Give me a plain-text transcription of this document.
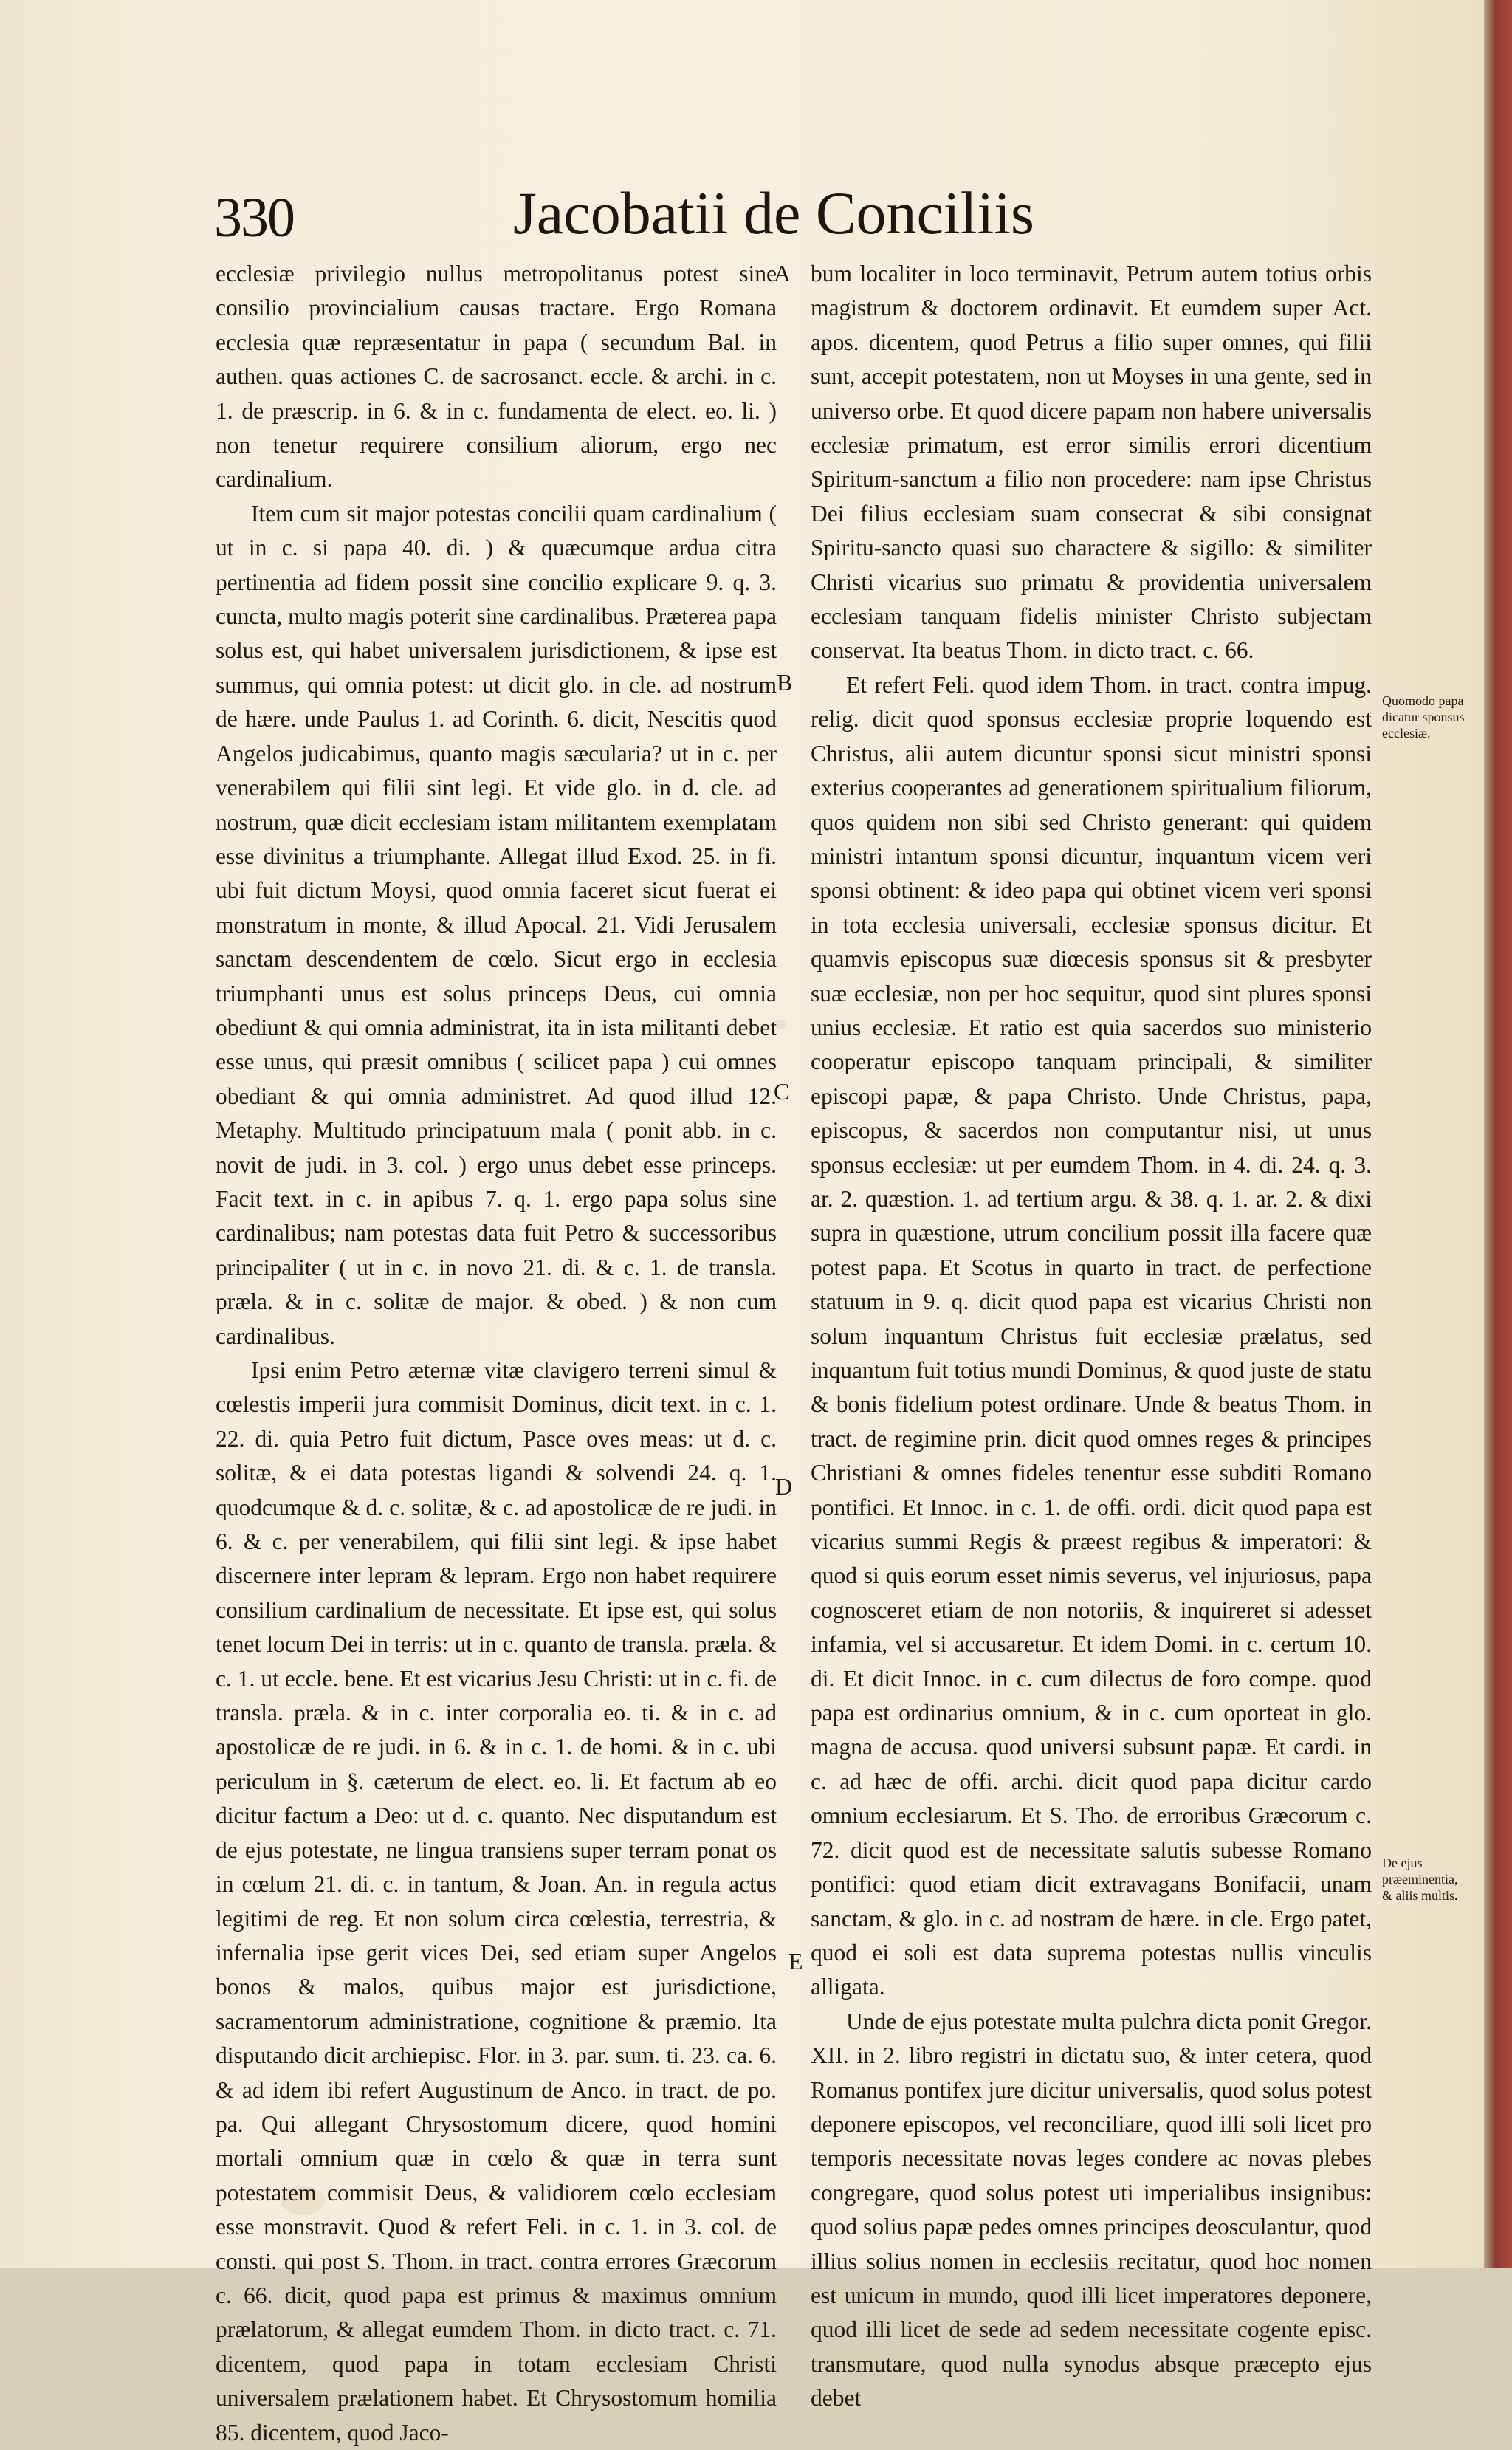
330	Jacobatii de Conciliis

ecclesiæ privilegio nullus metropolitanus potest sine consilio provincialium causas tractare. Ergo Romana ecclesia quæ repræsentatur in papa ( secundum Bal. in authen. quas actiones C. de sacrosanct. eccle. & archi. in c. 1. de præscrip. in 6. & in c. fundamenta de elect. eo. li. ) non tenetur requirere consilium aliorum, ergo nec cardinalium.

Item cum sit major potestas concilii quam cardinalium ( ut in c. si papa 40. di. ) & quæcumque ardua citra pertinentia ad fidem possit sine concilio explicare 9. q. 3. cuncta, multo magis poterit sine cardinalibus. Præterea papa solus est, qui habet universalem jurisdictionem, & ipse est summus, qui omnia potest: ut dicit glo. in cle. ad nostrum de hære. unde Paulus 1. ad Corinth. 6. dicit, Nescitis quod Angelos judicabimus, quanto magis sæcularia? ut in c. per venerabilem qui filii sint legi. Et vide glo. in d. cle. ad nostrum, quæ dicit ecclesiam istam militantem exemplatam esse divinitus a triumphante. Allegat illud Exod. 25. in fi. ubi fuit dictum Moysi, quod omnia faceret sicut fuerat ei monstratum in monte, & illud Apocal. 21. Vidi Jerusalem sanctam descendentem de cœlo. Sicut ergo in ecclesia triumphanti unus est solus princeps Deus, cui omnia obediunt & qui omnia administrat, ita in ista militanti debet esse unus, qui præsit omnibus ( scilicet papa ) cui omnes obediant & qui omnia administret. Ad quod illud 12. Metaphy. Multitudo principatuum mala ( ponit abb. in c. novit de judi. in 3. col. ) ergo unus debet esse princeps. Facit text. in c. in apibus 7. q. 1. ergo papa solus sine cardinalibus; nam potestas data fuit Petro & successoribus principaliter ( ut in c. in novo 21. di. & c. 1. de transla. præla. & in c. solitæ de major. & obed. ) & non cum cardinalibus.

Ipsi enim Petro æternæ vitæ clavigero terreni simul & cœlestis imperii jura commisit Dominus, dicit text. in c. 1. 22. di. quia Petro fuit dictum, Pasce oves meas: ut d. c. solitæ, & ei data potestas ligandi & solvendi 24. q. 1. quodcumque & d. c. solitæ, & c. ad apostolicæ de re judi. in 6. & c. per venerabilem, qui filii sint legi. & ipse habet discernere inter lepram & lepram. Ergo non habet requirere consilium cardinalium de necessitate. Et ipse est, qui solus tenet locum Dei in terris: ut in c. quanto de transla. præla. & c. 1. ut eccle. bene. Et est vicarius Jesu Christi: ut in c. fi. de transla. præla. & in c. inter corporalia eo. ti. & in c. ad apostolicæ de re judi. in 6. & in c. 1. de homi. & in c. ubi periculum in §. cæterum de elect. eo. li. Et factum ab eo dicitur factum a Deo: ut d. c. quanto. Nec disputandum est de ejus potestate, ne lingua transiens super terram ponat os in cœlum 21. di. c. in tantum, & Joan. An. in regula actus legitimi de reg. Et non solum circa cœlestia, terrestria, & infernalia ipse gerit vices Dei, sed etiam super Angelos bonos & malos, quibus major est jurisdictione, sacramentorum administratione, cognitione & præmio. Ita disputando dicit archiepisc. Flor. in 3. par. sum. ti. 23. ca. 6. & ad idem ibi refert Augustinum de Anco. in tract. de po. pa. Qui allegant Chrysostomum dicere, quod homini mortali omnium quæ in cœlo & quæ in terra sunt potestatem commisit Deus, & validiorem cœlo ecclesiam esse monstravit. Quod & refert Feli. in c. 1. in 3. col. de consti. qui post S. Thom. in tract. contra errores Græcorum c. 66. dicit, quod papa est primus & maximus omnium prælatorum, & allegat eumdem Thom. in dicto tract. c. 71. dicentem, quod papa in totam ecclesiam Christi universalem prælationem habet. Et Chrysostomum homilia 85. dicentem, quod Jaco-

bum localiter in loco terminavit, Petrum autem totius orbis magistrum & doctorem ordinavit. Et eumdem super Act. apos. dicentem, quod Petrus a filio super omnes, qui filii sunt, accepit potestatem, non ut Moyses in una gente, sed in universo orbe. Et quod dicere papam non habere universalis ecclesiæ primatum, est error similis errori dicentium Spiritum-sanctum a filio non procedere: nam ipse Christus Dei filius ecclesiam suam consecrat & sibi consignat Spiritu-sancto quasi suo charactere & sigillo: & similiter Christi vicarius suo primatu & providentia universalem ecclesiam tanquam fidelis minister Christo subjectam conservat. Ita beatus Thom. in dicto tract. c. 66.

Et refert Feli. quod idem Thom. in tract. contra impug. relig. dicit quod sponsus ecclesiæ proprie loquendo est Christus, alii autem dicuntur sponsi sicut ministri sponsi exterius cooperantes ad generationem spiritualium filiorum, quos quidem non sibi sed Christo generant: qui quidem ministri intantum sponsi dicuntur, inquantum vicem veri sponsi obtinent: & ideo papa qui obtinet vicem veri sponsi in tota ecclesia universali, ecclesiæ sponsus dicitur. Et quamvis episcopus suæ diœcesis sponsus sit & presbyter suæ ecclesiæ, non per hoc sequitur, quod sint plures sponsi unius ecclesiæ. Et ratio est quia sacerdos suo ministerio cooperatur episcopo tanquam principali, & similiter episcopi papæ, & papa Christo. Unde Christus, papa, episcopus, & sacerdos non computantur nisi, ut unus sponsus ecclesiæ: ut per eumdem Thom. in 4. di. 24. q. 3. ar. 2. quæstion. 1. ad tertium argu. & 38. q. 1. ar. 2. & dixi supra in quæstione, utrum concilium possit illa facere quæ potest papa. Et Scotus in quarto in tract. de perfectione statuum in 9. q. dicit quod papa est vicarius Christi non solum inquantum Christus fuit ecclesiæ prælatus, sed inquantum fuit totius mundi Dominus, & quod juste de statu & bonis fidelium potest ordinare. Unde & beatus Thom. in tract. de regimine prin. dicit quod omnes reges & principes Christiani & omnes fideles tenentur esse subditi Romano pontifici. Et Innoc. in c. 1. de offi. ordi. dicit quod papa est vicarius summi Regis & præest regibus & imperatori: & quod si quis eorum esset nimis severus, vel injuriosus, papa cognosceret etiam de non notoriis, & inquireret si adesset infamia, vel si accusaretur. Et idem Domi. in c. certum 10. di. Et dicit Innoc. in c. cum dilectus de foro compe. quod papa est ordinarius omnium, & in c. cum oporteat in glo. magna de accusa. quod universi subsunt papæ. Et cardi. in c. ad hæc de offi. archi. dicit quod papa dicitur cardo omnium ecclesiarum. Et S. Tho. de erroribus Græcorum c. 72. dicit quod est de necessitate salutis subesse Romano pontifici: quod etiam dicit extravagans Bonifacii, unam sanctam, & glo. in c. ad nostram de hære. in cle. Ergo patet, quod ei soli est data suprema potestas nullis vinculis alligata.

Unde de ejus potestate multa pulchra dicta ponit Gregor. XII. in 2. libro registri in dictatu suo, & inter cetera, quod Romanus pontifex jure dicitur universalis, quod solus potest deponere episcopos, vel reconciliare, quod illi soli licet pro temporis necessitate novas leges condere ac novas plebes congregare, quod solus potest uti imperialibus insignibus: quod solius papæ pedes omnes principes deosculantur, quod illius solius nomen in ecclesiis recitatur, quod hoc nomen est unicum in mundo, quod illi licet imperatores deponere, quod illi licet de sede ad sedem necessitate cogente episc. transmutare, quod nulla synodus absque præcepto ejus debet

A
B
C
D
E
Quomodo papa dicatur sponsus ecclesiæ.
De ejus præeminentia, & aliis multis.
